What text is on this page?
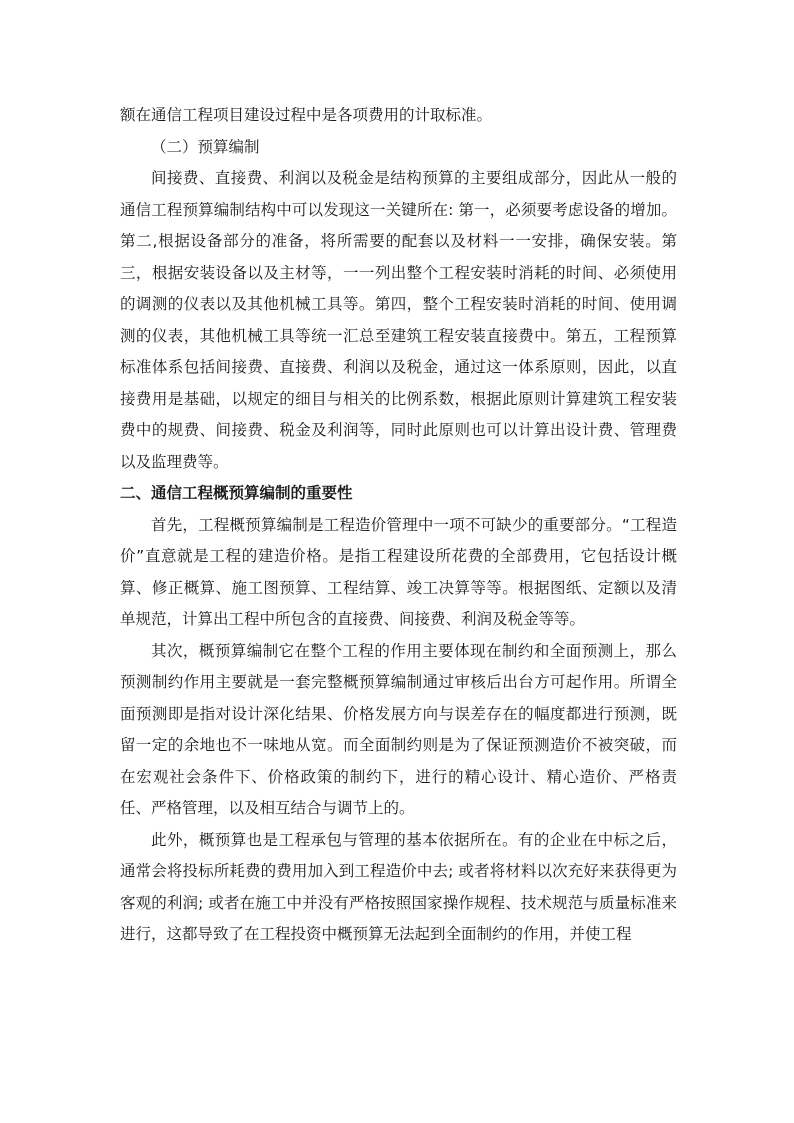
额在通信工程项目建设过程中是各项费用的计取标准。

（二）预算编制

间接费、直接费、利润以及税金是结构预算的主要组成部分，因此从一般的通信工程预算编制结构中可以发现这一关键所在: 第一，必须要考虑设备的增加。第二,根据设备部分的准备，将所需要的配套以及材料一一安排，确保安装。第三，根据安装设备以及主材等，一一列出整个工程安装时消耗的时间、必须使用的调测的仪表以及其他机械工具等。第四，整个工程安装时消耗的时间、使用调测的仪表，其他机械工具等统一汇总至建筑工程安装直接费中。第五，工程预算标准体系包括间接费、直接费、利润以及税金，通过这一体系原则，因此，以直接费用是基础，以规定的细目与相关的比例系数，根据此原则计算建筑工程安装费中的规费、间接费、税金及利润等，同时此原则也可以计算出设计费、管理费以及监理费等。

二、通信工程概预算编制的重要性

首先，工程概预算编制是工程造价管理中一项不可缺少的重要部分。“工程造价”直意就是工程的建造价格。是指工程建设所花费的全部费用，它包括设计概算、修正概算、施工图预算、工程结算、竣工决算等等。根据图纸、定额以及清单规范，计算出工程中所包含的直接费、间接费、利润及税金等等。

其次，概预算编制它在整个工程的作用主要体现在制约和全面预测上，那么预测制约作用主要就是一套完整概预算编制通过审核后出台方可起作用。所谓全面预测即是指对设计深化结果、价格发展方向与误差存在的幅度都进行预测，既留一定的余地也不一味地从宽。而全面制约则是为了保证预测造价不被突破，而在宏观社会条件下、价格政策的制约下，进行的精心设计、精心造价、严格责任、严格管理，以及相互结合与调节上的。

此外，概预算也是工程承包与管理的基本依据所在。有的企业在中标之后，通常会将投标所耗费的费用加入到工程造价中去; 或者将材料以次充好来获得更为客观的利润; 或者在施工中并没有严格按照国家操作规程、技术规范与质量标准来进行，这都导致了在工程投资中概预算无法起到全面制约的作用，并使工程
